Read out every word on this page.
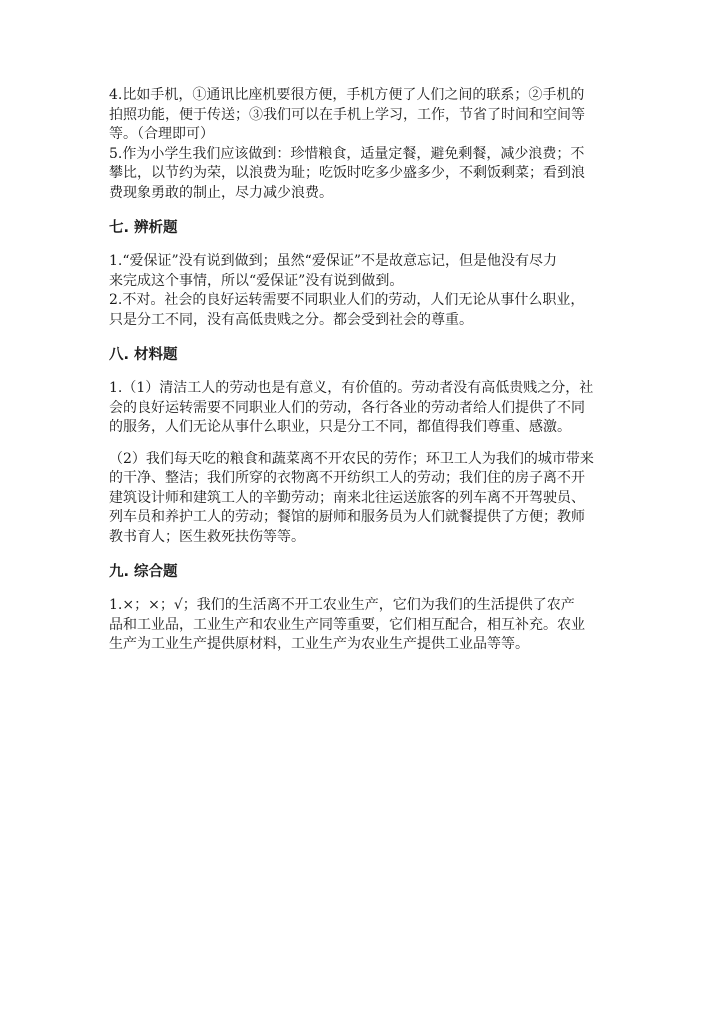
4.比如手机，①通讯比座机要很方便，手机方便了人们之间的联系；②手机的

拍照功能，便于传送；③我们可以在手机上学习，工作，节省了时间和空间等

等。（合理即可）

5.作为小学生我们应该做到：珍惜粮食，适量定餐，避免剩餐，减少浪费；不

攀比，以节约为荣，以浪费为耻；吃饭时吃多少盛多少，不剩饭剩菜；看到浪

费现象勇敢的制止，尽力减少浪费。

七. 辨析题

1.“爱保证”没有说到做到；虽然“爱保证”不是故意忘记，但是他没有尽力

来完成这个事情，所以“爱保证”没有说到做到。

2.不对。社会的良好运转需要不同职业人们的劳动，人们无论从事什么职业，

只是分工不同，没有高低贵贱之分。都会受到社会的尊重。

八. 材料题

1.（1）清洁工人的劳动也是有意义，有价值的。劳动者没有高低贵贱之分，社

会的良好运转需要不同职业人们的劳动，各行各业的劳动者给人们提供了不同

的服务，人们无论从事什么职业，只是分工不同，都值得我们尊重、感激。

（2）我们每天吃的粮食和蔬菜离不开农民的劳作；环卫工人为我们的城市带来

的干净、整洁；我们所穿的衣物离不开纺织工人的劳动；我们住的房子离不开

建筑设计师和建筑工人的辛勤劳动；南来北往运送旅客的列车离不开驾驶员、

列车员和养护工人的劳动；餐馆的厨师和服务员为人们就餐提供了方便；教师

教书育人；医生救死扶伤等等。

九. 综合题

1.×；×；√；我们的生活离不开工农业生产，它们为我们的生活提供了农产

品和工业品，工业生产和农业生产同等重要，它们相互配合，相互补充。农业

生产为工业生产提供原材料，工业生产为农业生产提供工业品等等。
